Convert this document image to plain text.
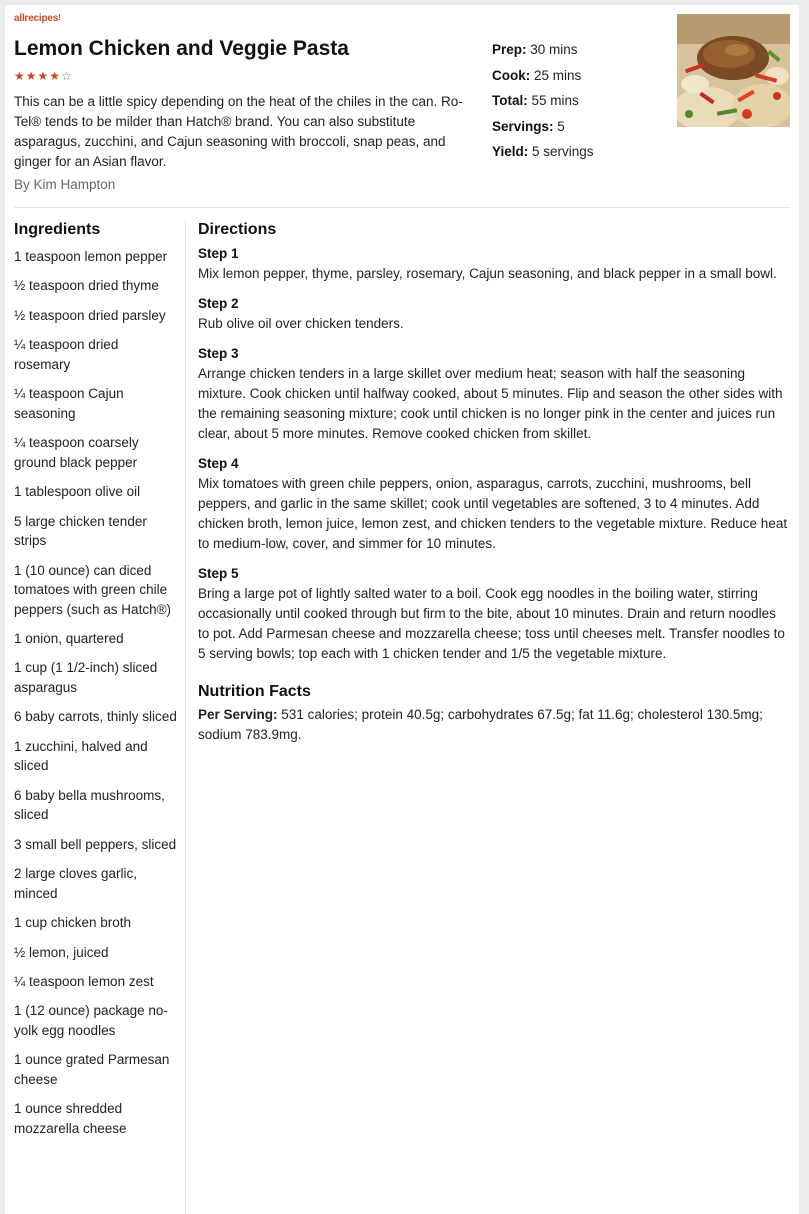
allrecipes!
Lemon Chicken and Veggie Pasta
★★★★☆

This can be a little spicy depending on the heat of the chiles in the can. Ro-Tel® tends to be milder than Hatch® brand. You can also substitute asparagus, zucchini, and Cajun seasoning with broccoli, snap peas, and ginger for an Asian flavor.

By Kim Hampton
Prep: 30 mins
Cook: 25 mins
Total: 55 mins
Servings: 5
Yield: 5 servings
Ingredients
1 teaspoon lemon pepper
½ teaspoon dried thyme
½ teaspoon dried parsley
¼ teaspoon dried rosemary
¼ teaspoon Cajun seasoning
¼ teaspoon coarsely ground black pepper
1 tablespoon olive oil
5 large chicken tender strips
1 (10 ounce) can diced tomatoes with green chile peppers (such as Hatch®)
1 onion, quartered
1 cup (1 1/2-inch) sliced asparagus
6 baby carrots, thinly sliced
1 zucchini, halved and sliced
6 baby bella mushrooms, sliced
3 small bell peppers, sliced
2 large cloves garlic, minced
1 cup chicken broth
½ lemon, juiced
¼ teaspoon lemon zest
1 (12 ounce) package no-yolk egg noodles
1 ounce grated Parmesan cheese
1 ounce shredded mozzarella cheese
Directions
Step 1

Mix lemon pepper, thyme, parsley, rosemary, Cajun seasoning, and black pepper in a small bowl.

Step 2

Rub olive oil over chicken tenders.

Step 3

Arrange chicken tenders in a large skillet over medium heat; season with half the seasoning mixture. Cook chicken until halfway cooked, about 5 minutes. Flip and season the other sides with the remaining seasoning mixture; cook until chicken is no longer pink in the center and juices run clear, about 5 more minutes. Remove cooked chicken from skillet.

Step 4

Mix tomatoes with green chile peppers, onion, asparagus, carrots, zucchini, mushrooms, bell peppers, and garlic in the same skillet; cook until vegetables are softened, 3 to 4 minutes. Add chicken broth, lemon juice, lemon zest, and chicken tenders to the vegetable mixture. Reduce heat to medium-low, cover, and simmer for 10 minutes.

Step 5

Bring a large pot of lightly salted water to a boil. Cook egg noodles in the boiling water, stirring occasionally until cooked through but firm to the bite, about 10 minutes. Drain and return noodles to pot. Add Parmesan cheese and mozzarella cheese; toss until cheeses melt. Transfer noodles to 5 serving bowls; top each with 1 chicken tender and 1/5 the vegetable mixture.

Nutrition Facts

Per Serving: 531 calories; protein 40.5g; carbohydrates 67.5g; fat 11.6g; cholesterol 130.5mg; sodium 783.9mg.
